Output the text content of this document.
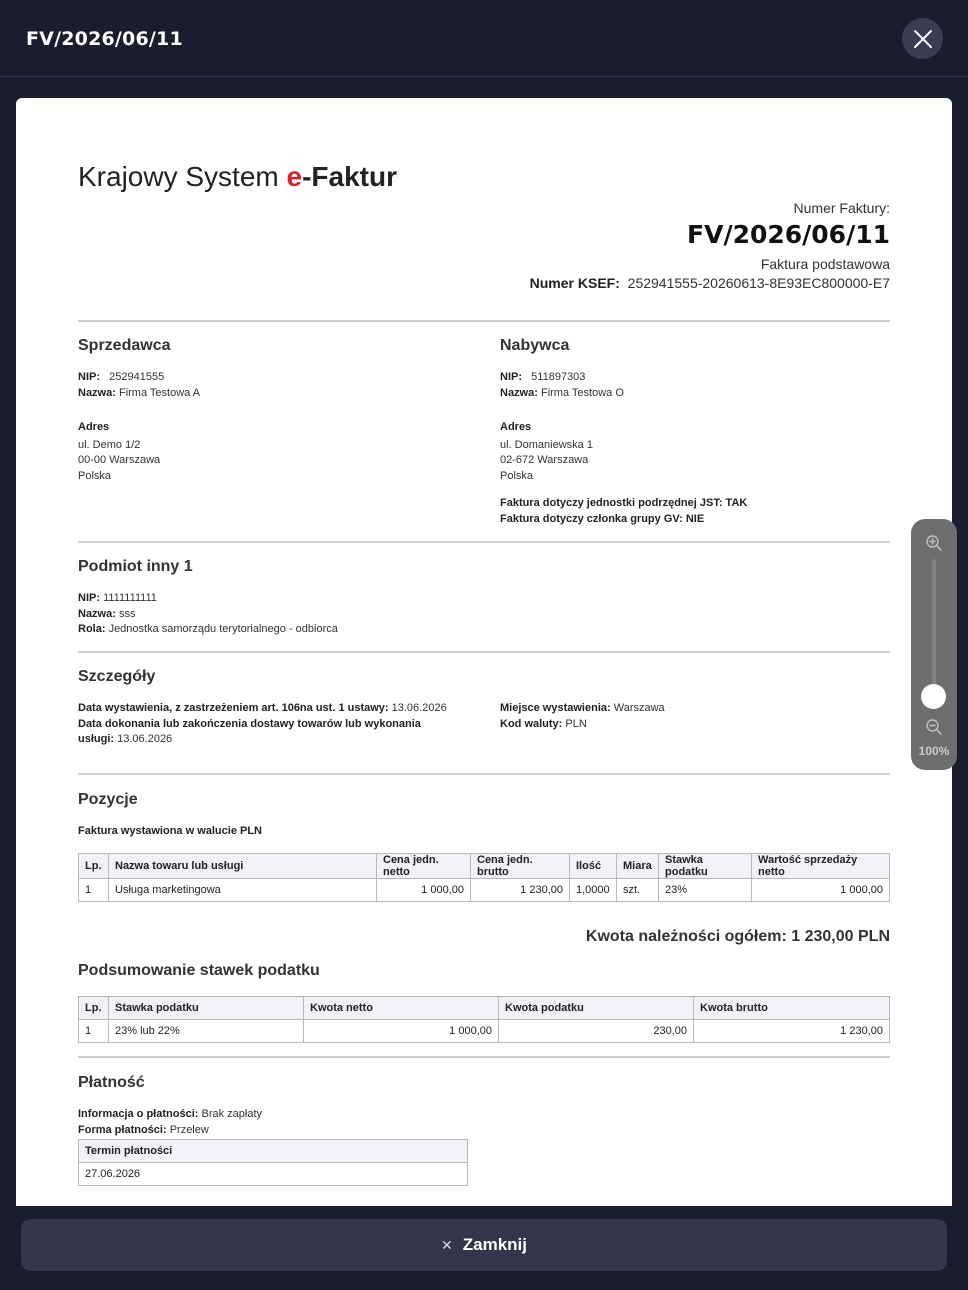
FV/2026/06/11
Krajowy System e-Faktur
Numer Faktury:
FV/2026/06/11
Faktura podstawowa
Numer KSEF: 252941555-20260613-8E93EC800000-E7
Sprzedawca
NIP: 252941555
Nazwa: Firma Testowa A
Adres
ul. Demo 1/2
00-00 Warszawa
Polska
Nabywca
NIP: 511897303
Nazwa: Firma Testowa O
Adres
ul. Domaniewska 1
02-672 Warszawa
Polska
Faktura dotyczy jednostki podrzędnej JST: TAK
Faktura dotyczy członka grupy GV: NIE
Podmiot inny 1
NIP: 1111111111
Nazwa: sss
Rola: Jednostka samorządu terytorialnego - odbiorca
Szczegóły
Data wystawienia, z zastrzeżeniem art. 106na ust. 1 ustawy: 13.06.2026
Data dokonania lub zakończenia dostawy towarów lub wykonania usługi: 13.06.2026
Miejsce wystawienia: Warszawa
Kod waluty: PLN
Pozycje
Faktura wystawiona w walucie PLN
Lp.	Nazwa towaru lub usługi	Cena jedn. netto	Cena jedn. brutto	Ilość	Miara	Stawka podatku	Wartość sprzedaży netto
1	Usługa marketingowa	1 000,00	1 230,00	1,0000	szt.	23%	1 000,00
Kwota należności ogółem: 1 230,00 PLN
Podsumowanie stawek podatku
Lp.	Stawka podatku	Kwota netto	Kwota podatku	Kwota brutto
1	23% lub 22%	1 000,00	230,00	1 230,00
Płatność
Informacja o płatności: Brak zapłaty
Forma płatności: Przelew
Termin płatności
27.06.2026
100%
✕ Zamknij
